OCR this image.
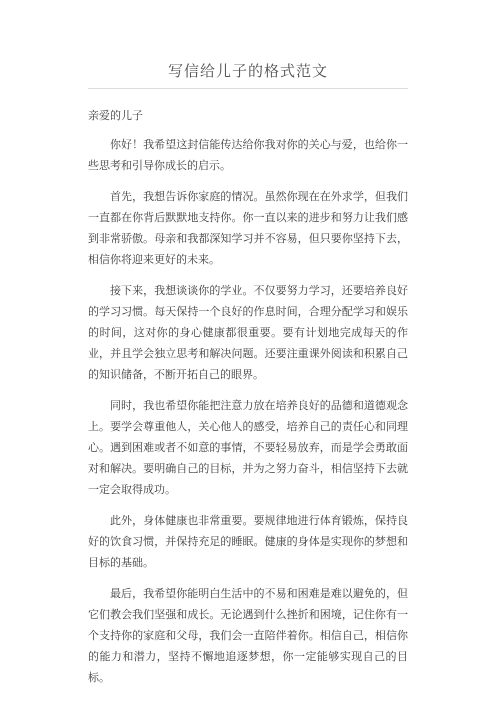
写信给儿子的格式范文
亲爱的儿子

你好！我希望这封信能传达给你我对你的关心与爱，也给你一些思考和引导你成长的启示。

首先，我想告诉你家庭的情况。虽然你现在在外求学，但我们一直都在你背后默默地支持你。你一直以来的进步和努力让我们感到非常骄傲。母亲和我都深知学习并不容易，但只要你坚持下去，相信你将迎来更好的未来。

接下来，我想谈谈你的学业。不仅要努力学习，还要培养良好的学习习惯。每天保持一个良好的作息时间，合理分配学习和娱乐的时间，这对你的身心健康都很重要。要有计划地完成每天的作业，并且学会独立思考和解决问题。还要注重课外阅读和积累自己的知识储备，不断开拓自己的眼界。

同时，我也希望你能把注意力放在培养良好的品德和道德观念上。要学会尊重他人，关心他人的感受，培养自己的责任心和同理心。遇到困难或者不如意的事情，不要轻易放弃，而是学会勇敢面对和解决。要明确自己的目标，并为之努力奋斗，相信坚持下去就一定会取得成功。

此外，身体健康也非常重要。要规律地进行体育锻炼，保持良好的饮食习惯，并保持充足的睡眠。健康的身体是实现你的梦想和目标的基础。

最后，我希望你能明白生活中的不易和困难是难以避免的，但它们教会我们坚强和成长。无论遇到什么挫折和困境，记住你有一个支持你的家庭和父母，我们会一直陪伴着你。相信自己，相信你的能力和潜力，坚持不懈地追逐梦想，你一定能够实现自己的目标。
